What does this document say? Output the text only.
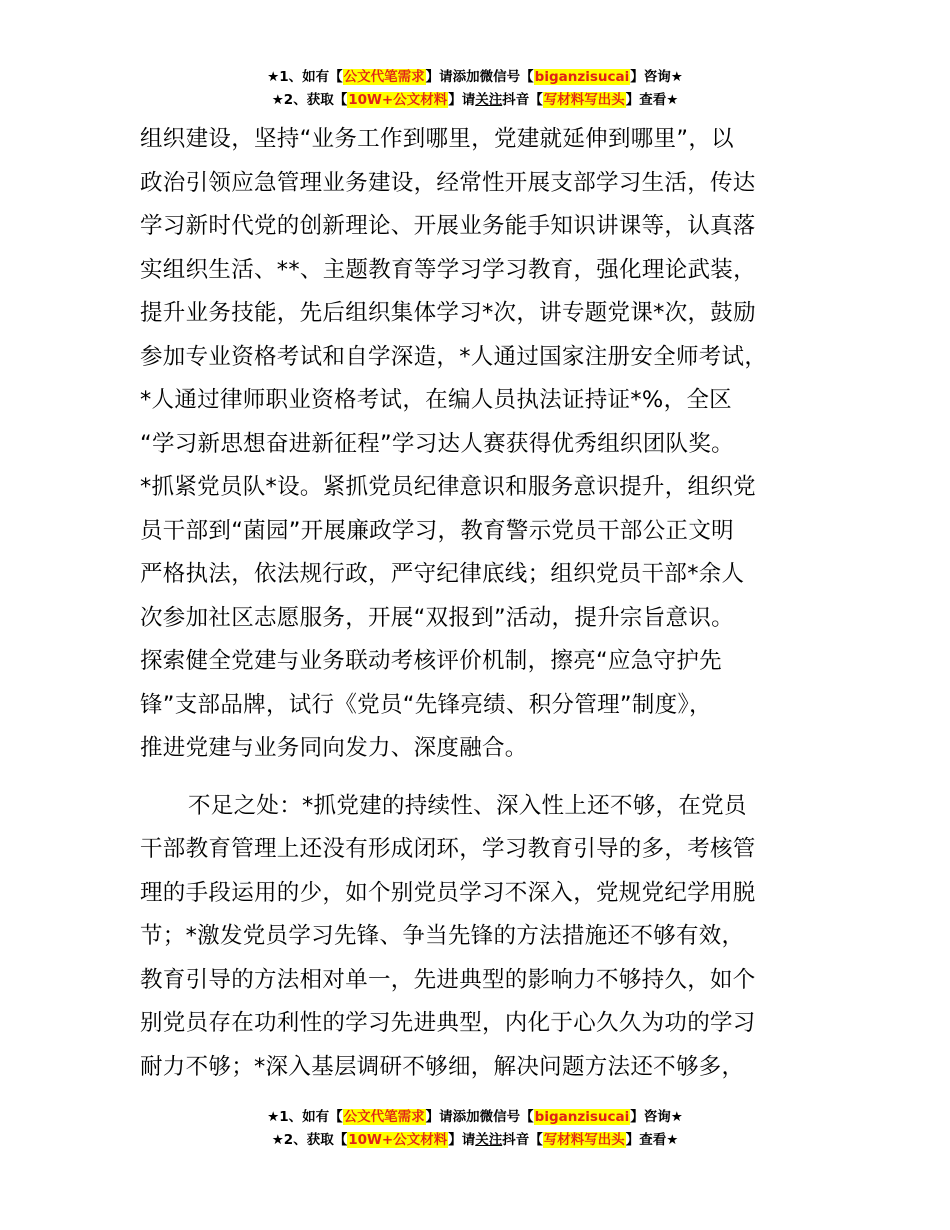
★1、如有【公文代笔需求】请添加微信号【biganzisucai】咨询★
★2、获取【10W+公文材料】请关注抖音【写材料写出头】查看★
组织建设，坚持“业务工作到哪里，党建就延伸到哪里”，以
政治引领应急管理业务建设，经常性开展支部学习生活，传达
学习新时代党的创新理论、开展业务能手知识讲课等，认真落
实组织生活、**、主题教育等学习学习教育，强化理论武装，
提升业务技能，先后组织集体学习*次，讲专题党课*次，鼓励
参加专业资格考试和自学深造，*人通过国家注册安全师考试，
*人通过律师职业资格考试，在编人员执法证持证*%，全区
“学习新思想奋进新征程”学习达人赛获得优秀组织团队奖。
*抓紧党员队*设。紧抓党员纪律意识和服务意识提升，组织党
员干部到“菌园”开展廉政学习，教育警示党员干部公正文明
严格执法，依法规行政，严守纪律底线；组织党员干部*余人
次参加社区志愿服务，开展“双报到”活动，提升宗旨意识。
探索健全党建与业务联动考核评价机制，擦亮“应急守护先
锋”支部品牌，试行《党员“先锋亮绩、积分管理”制度》，
推进党建与业务同向发力、深度融合。
不足之处：*抓党建的持续性、深入性上还不够，在党员
干部教育管理上还没有形成闭环，学习教育引导的多，考核管
理的手段运用的少，如个别党员学习不深入，党规党纪学用脱
节；*激发党员学习先锋、争当先锋的方法措施还不够有效，
教育引导的方法相对单一，先进典型的影响力不够持久，如个
别党员存在功利性的学习先进典型，内化于心久久为功的学习
耐力不够；*深入基层调研不够细，解决问题方法还不够多，
★1、如有【公文代笔需求】请添加微信号【biganzisucai】咨询★
★2、获取【10W+公文材料】请关注抖音【写材料写出头】查看★
